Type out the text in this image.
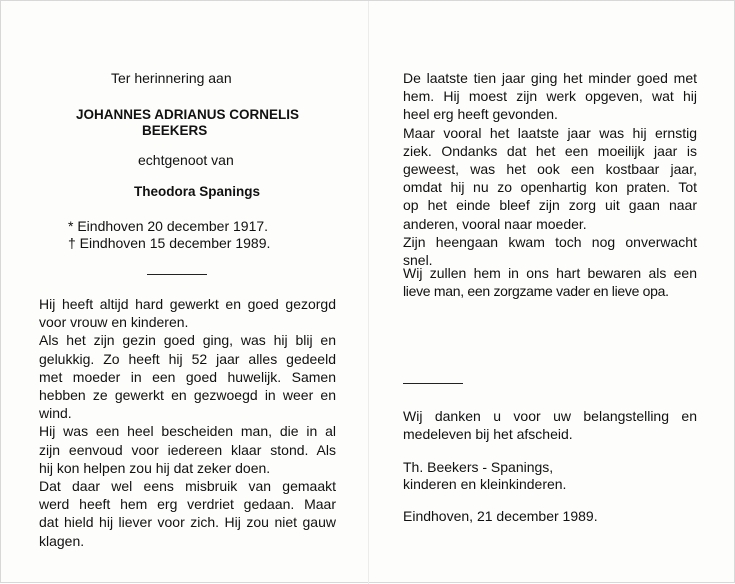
Ter herinnering aan
JOHANNES ADRIANUS CORNELIS
BEEKERS
echtgenoot van
Theodora Spanings
* Eindhoven 20 december 1917.
† Eindhoven 15 december 1989.
Hij heeft altijd hard gewerkt en goed gezorgd
voor vrouw en kinderen.
Als het zijn gezin goed ging, was hij blij en
gelukkig. Zo heeft hij 52 jaar alles gedeeld
met moeder in een goed huwelijk. Samen
hebben ze gewerkt en gezwoegd in weer en
wind.
Hij was een heel bescheiden man, die in al
zijn eenvoud voor iedereen klaar stond. Als
hij kon helpen zou hij dat zeker doen.
Dat daar wel eens misbruik van gemaakt
werd heeft hem erg verdriet gedaan. Maar
dat hield hij liever voor zich. Hij zou niet gauw
klagen.
De laatste tien jaar ging het minder goed met
hem. Hij moest zijn werk opgeven, wat hij
heel erg heeft gevonden.
Maar vooral het laatste jaar was hij ernstig
ziek. Ondanks dat het een moeilijk jaar is
geweest, was het ook een kostbaar jaar,
omdat hij nu zo openhartig kon praten. Tot
op het einde bleef zijn zorg uit gaan naar
anderen, vooral naar moeder.
Zijn heengaan kwam toch nog onverwacht
snel.
Wij zullen hem in ons hart bewaren als een
lieve man, een zorgzame vader en lieve opa.
Wij danken u voor uw belangstelling en
medeleven bij het afscheid.
Th. Beekers - Spanings,
kinderen en kleinkinderen.
Eindhoven, 21 december 1989.
